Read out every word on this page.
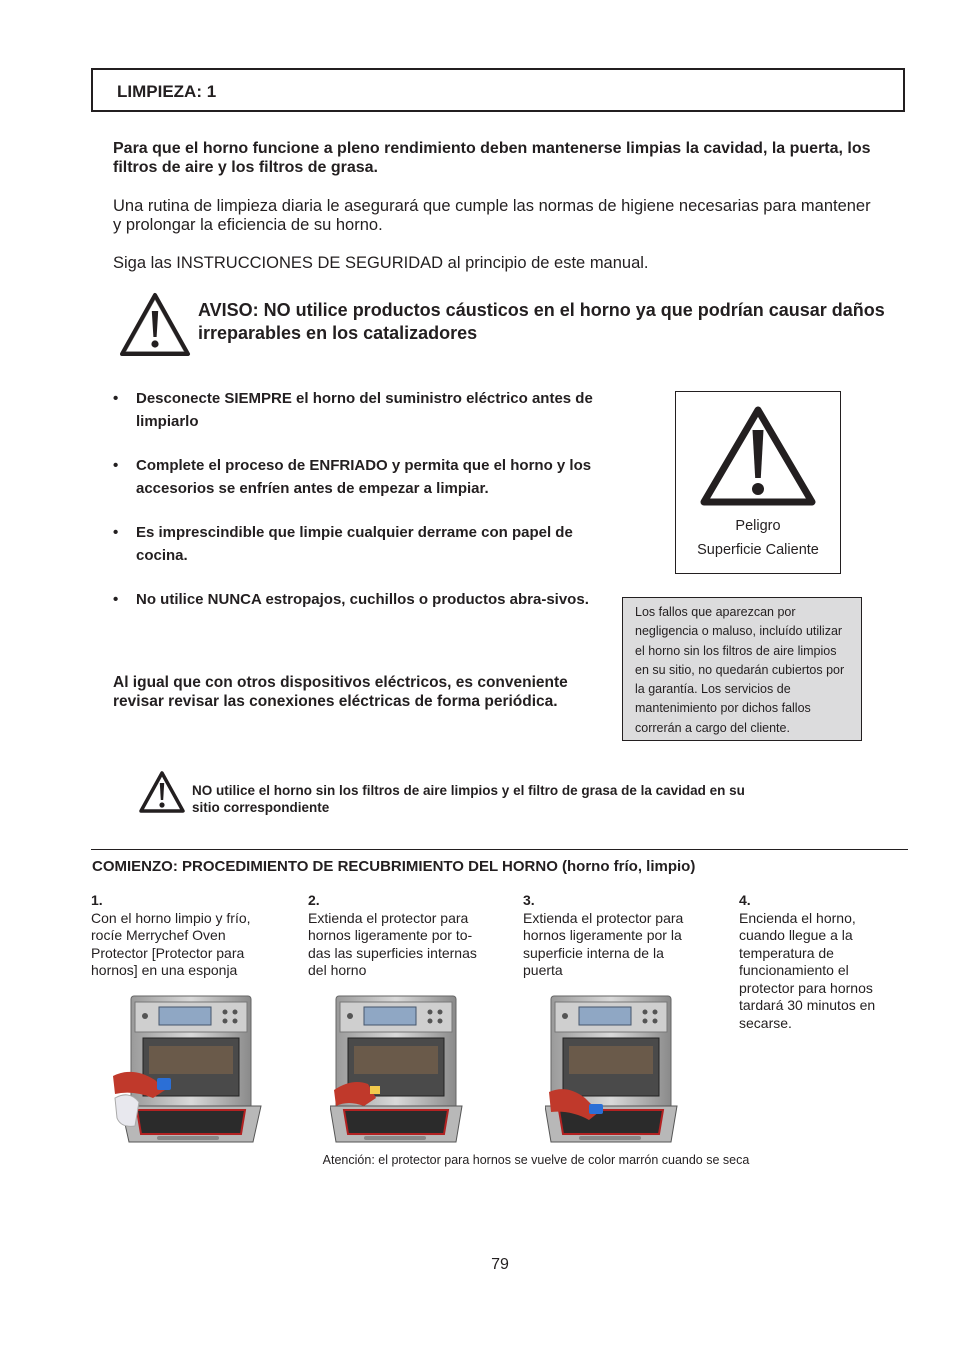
LIMPIEZA: 1
Para que el horno funcione a pleno rendimiento deben mantenerse limpias la cavidad, la puerta, los filtros de aire y los filtros de grasa.
Una rutina de limpieza diaria le asegurará que cumple las normas de higiene necesarias para mantener y prolongar la eficiencia de su horno.
Siga las INSTRUCCIONES DE SEGURIDAD al principio de este manual.
AVISO: NO utilice productos cáusticos en el horno ya que podrían causar daños irreparables en los catalizadores
• Desconecte SIEMPRE el horno del suministro eléctrico antes de limpiarlo
• Complete el proceso de ENFRIADO y permita que el horno y los accesorios se enfríen antes de empezar a limpiar.
• Es imprescindible que limpie cualquier derrame con papel de cocina.
• No utilice NUNCA estropajos, cuchillos o productos abra-sivos.
Al igual que con otros dispositivos eléctricos, es conveniente revisar revisar las conexiones eléctricas de forma periódica.
Peligro
Superficie Caliente
Los fallos que aparezcan por negligencia o maluso, incluído utilizar el horno sin los filtros de aire limpios en su sitio, no quedarán cubiertos por la garantía. Los servicios de mantenimiento por dichos fallos correrán a cargo del cliente.
NO utilice el horno sin los filtros de aire limpios y el filtro de grasa de la cavidad en su sitio correspondiente
COMIENZO: PROCEDIMIENTO DE RECUBRIMIENTO DEL HORNO (horno frío, limpio)
1.
Con el horno limpio y frío, rocíe Merrychef Oven Protector [Protector para hornos] en una esponja
2.
Extienda el protector para hornos ligeramente por to-das las superficies internas del horno
3.
Extienda el protector para hornos ligeramente por la superficie interna de la puerta
4.
Encienda el horno, cuando llegue a la temperatura de funcionamiento el protector para hornos tardará 30 minutos en secarse.
Atención: el protector para hornos se vuelve de color marrón cuando se seca
79
